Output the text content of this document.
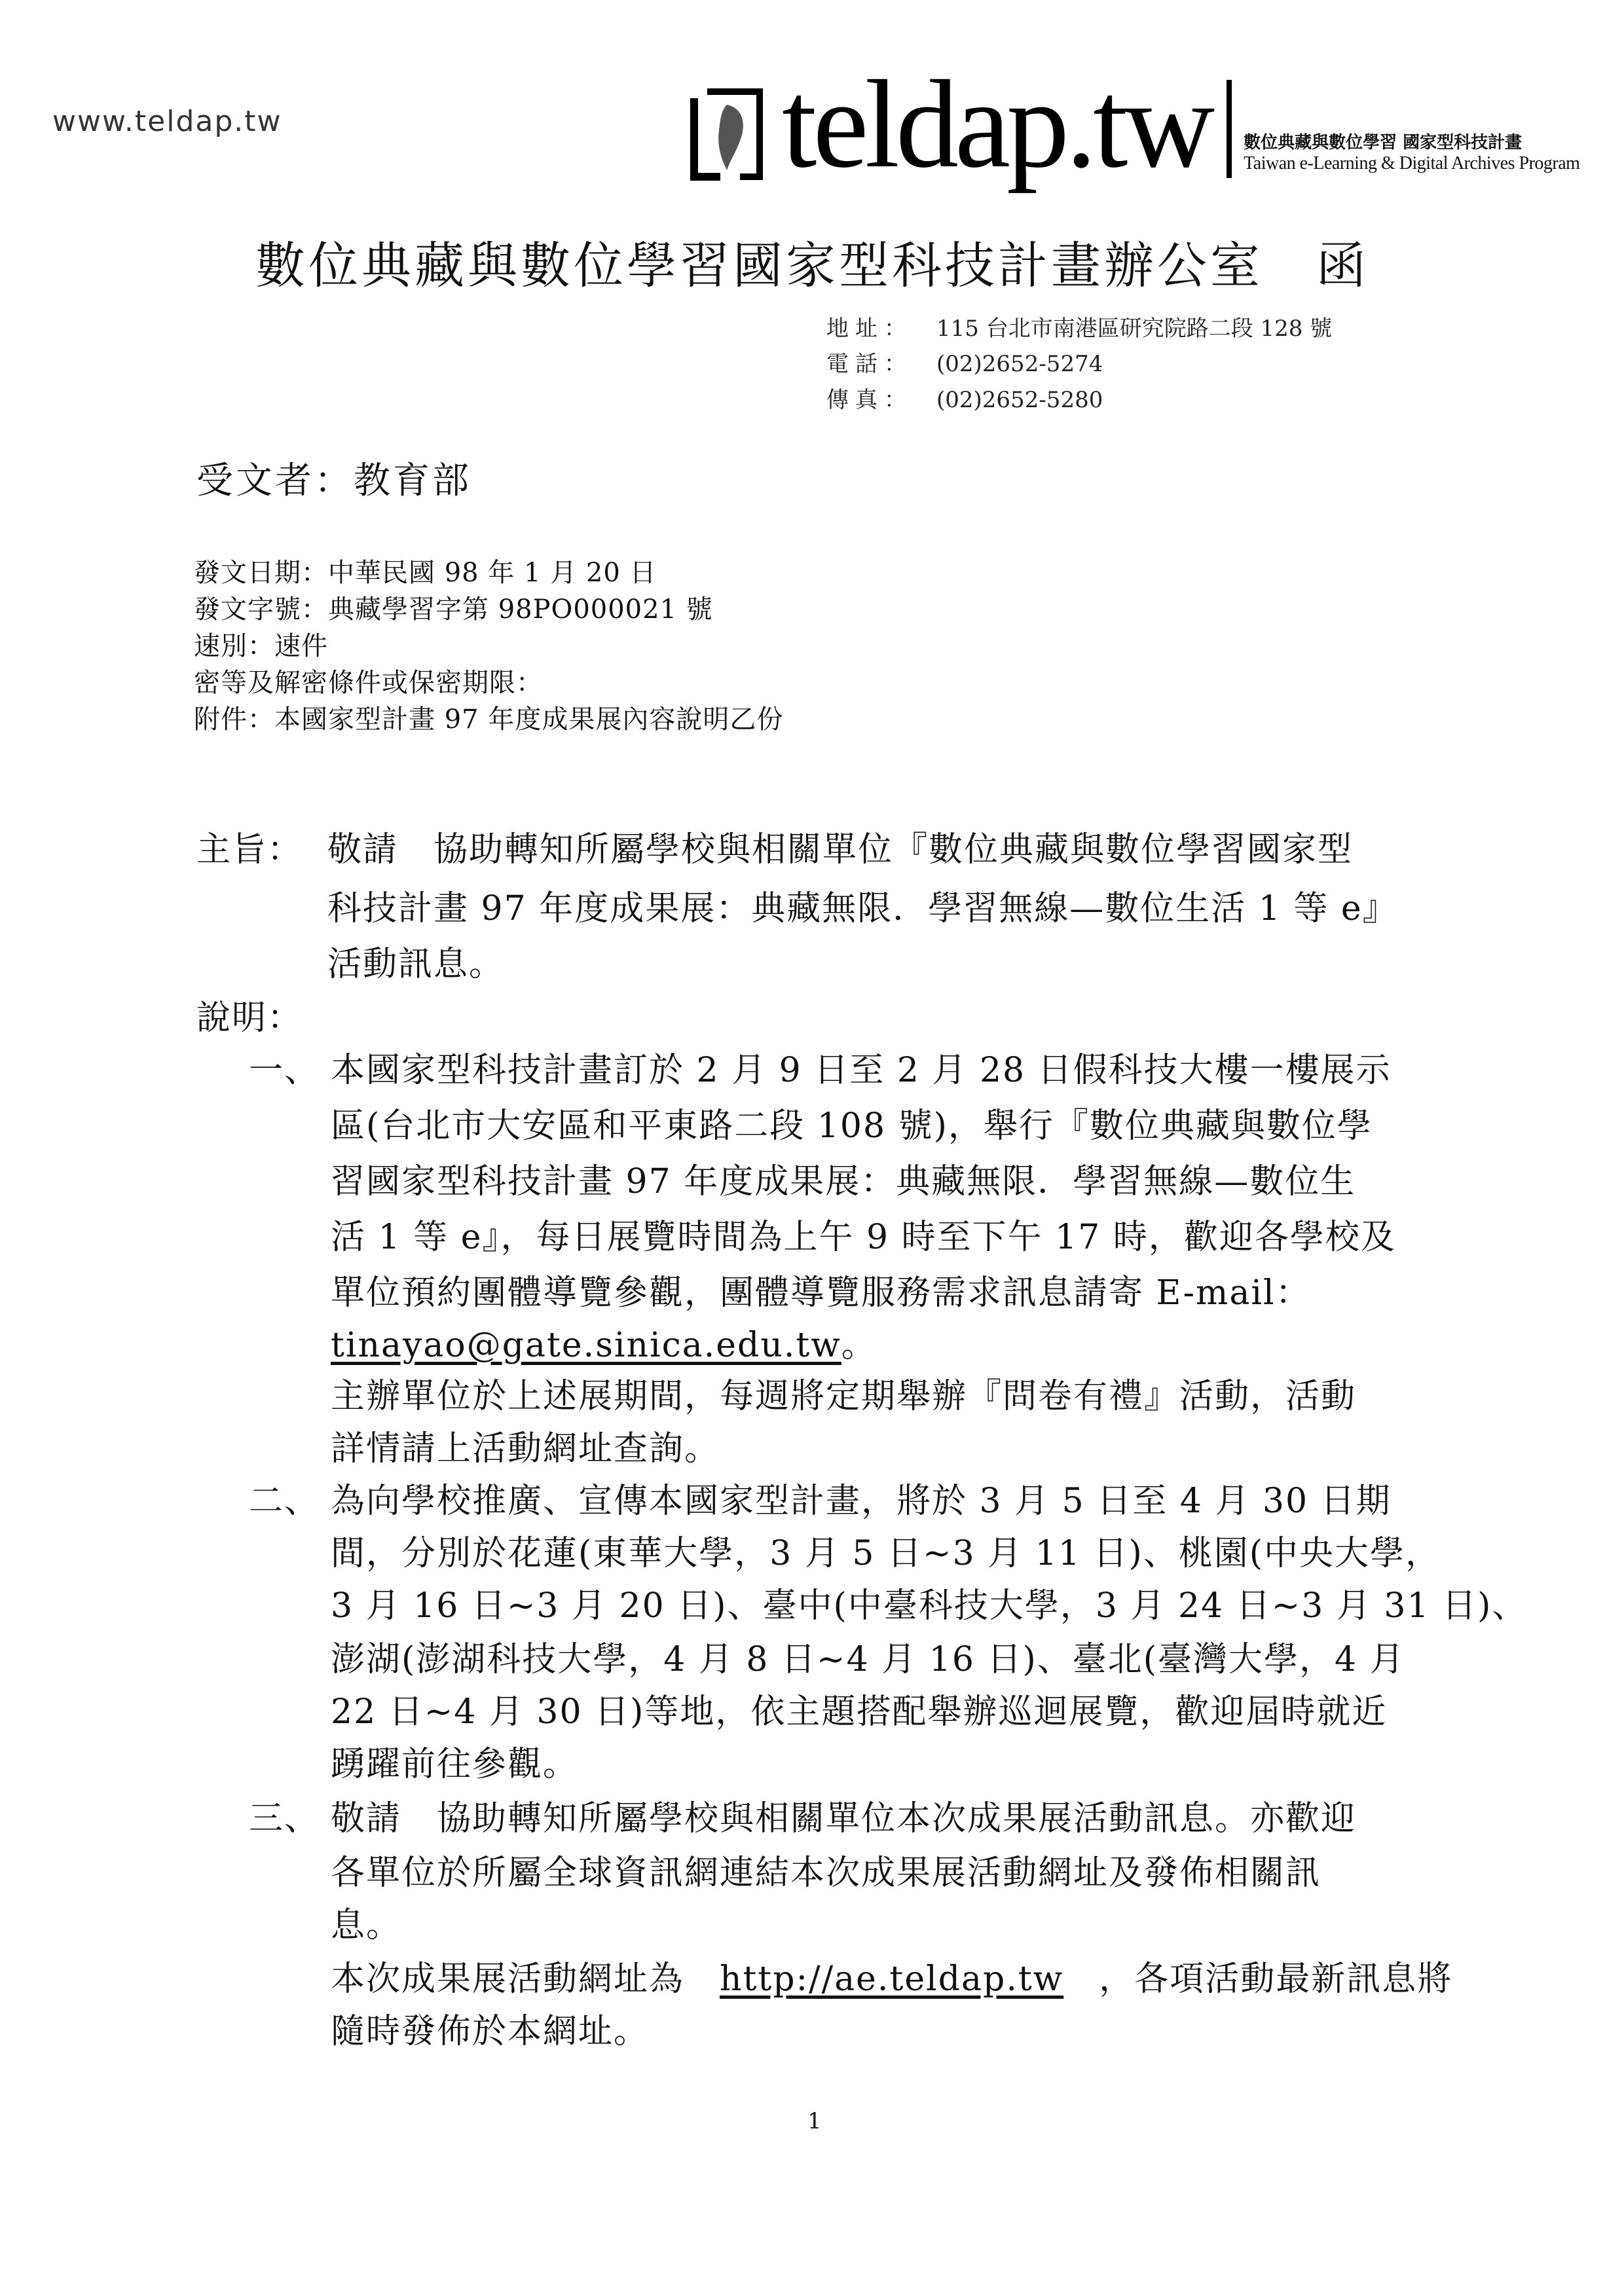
www.teldap.tw	teldap.tw 數位典藏與數位學習 國家型科技計畫
Taiwan e-Learning & Digital Archives Program
數位典藏與數位學習國家型科技計畫辦公室　函
地址： 115 台北市南港區研究院路二段 128 號
電話： (02)2652-5274
傳真： (02)2652-5280
受文者：教育部
發文日期：中華民國 98 年 1 月 20 日
發文字號：典藏學習字第 98PO000021 號
速別：速件
密等及解密條件或保密期限：
附件：本國家型計畫 97 年度成果展內容說明乙份
主旨： 敬請　協助轉知所屬學校與相關單位『數位典藏與數位學習國家型
科技計畫 97 年度成果展：典藏無限．學習無線—數位生活 1 等 e』
活動訊息。
說明：
一、 本國家型科技計畫訂於 2 月 9 日至 2 月 28 日假科技大樓一樓展示
區(台北市大安區和平東路二段 108 號)，舉行『數位典藏與數位學
習國家型科技計畫 97 年度成果展：典藏無限．學習無線—數位生
活 1 等 e』，每日展覽時間為上午 9 時至下午 17 時，歡迎各學校及
單位預約團體導覽參觀，團體導覽服務需求訊息請寄 E-mail：
tinayao@gate.sinica.edu.tw。
主辦單位於上述展期間，每週將定期舉辦『問卷有禮』活動，活動
詳情請上活動網址查詢。
二、 為向學校推廣、宣傳本國家型計畫，將於 3 月 5 日至 4 月 30 日期
間，分別於花蓮(東華大學，3 月 5 日~3 月 11 日)、桃園(中央大學，
3 月 16 日~3 月 20 日)、臺中(中臺科技大學，3 月 24 日~3 月 31 日)、
澎湖(澎湖科技大學，4 月 8 日~4 月 16 日)、臺北(臺灣大學，4 月
22 日~4 月 30 日)等地，依主題搭配舉辦巡迴展覽，歡迎屆時就近
踴躍前往參觀。
三、 敬請　協助轉知所屬學校與相關單位本次成果展活動訊息。亦歡迎
各單位於所屬全球資訊網連結本次成果展活動網址及發佈相關訊
息。
本次成果展活動網址為　http://ae.teldap.tw　，各項活動最新訊息將
隨時發佈於本網址。
1
